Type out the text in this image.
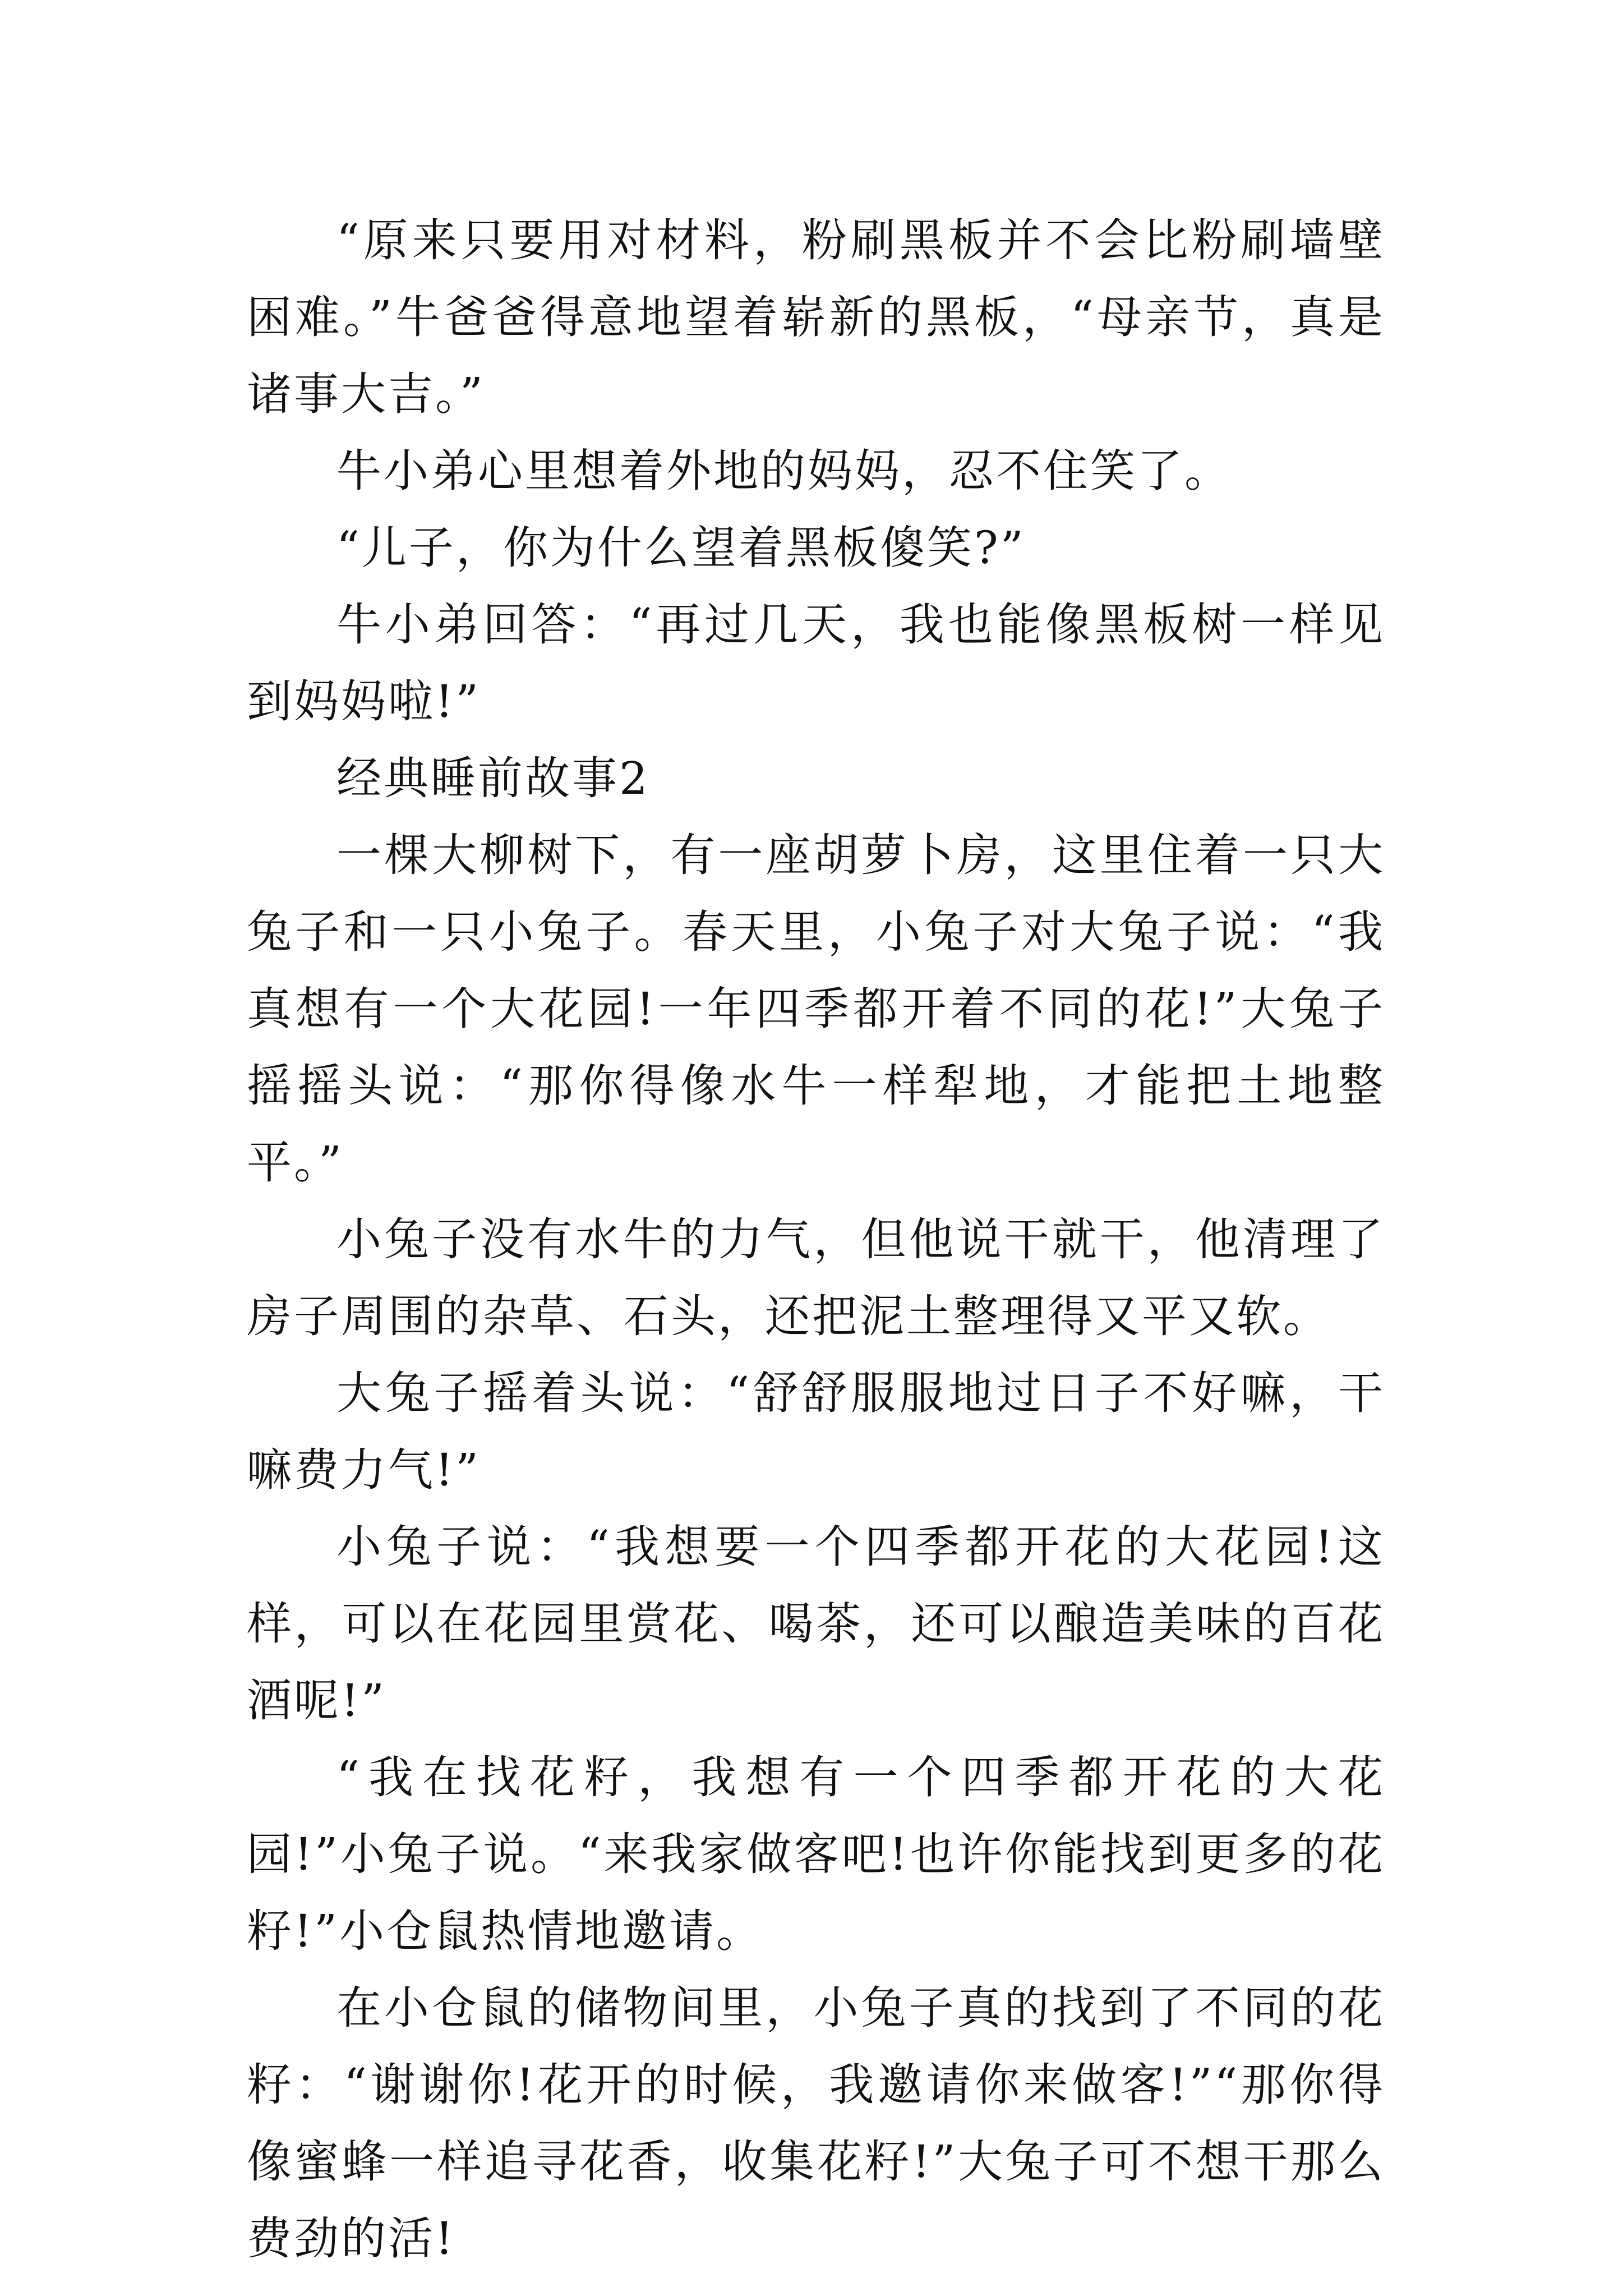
“原来只要用对材料，粉刷黑板并不会比粉刷墙壁困难。”牛爸爸得意地望着崭新的黑板，“母亲节，真是诸事大吉。”

牛小弟心里想着外地的妈妈，忍不住笑了。

“儿子，你为什么望着黑板傻笑?”

牛小弟回答：“再过几天，我也能像黑板树一样见到妈妈啦!”

经典睡前故事2

一棵大柳树下，有一座胡萝卜房，这里住着一只大兔子和一只小兔子。春天里，小兔子对大兔子说：“我真想有一个大花园!一年四季都开着不同的花!”大兔子摇摇头说：“那你得像水牛一样犁地，才能把土地整平。”

小兔子没有水牛的力气，但他说干就干，他清理了房子周围的杂草、石头，还把泥土整理得又平又软。

大兔子摇着头说：“舒舒服服地过日子不好嘛，干嘛费力气!”

小兔子说：“我想要一个四季都开花的大花园!这样，可以在花园里赏花、喝茶，还可以酿造美味的百花酒呢!”

“我在找花籽，我想有一个四季都开花的大花园!”小兔子说。“来我家做客吧!也许你能找到更多的花籽!”小仓鼠热情地邀请。

在小仓鼠的储物间里，小兔子真的找到了不同的花籽：“谢谢你!花开的时候，我邀请你来做客!”“那你得像蜜蜂一样追寻花香，收集花籽!”大兔子可不想干那么费劲的活!
